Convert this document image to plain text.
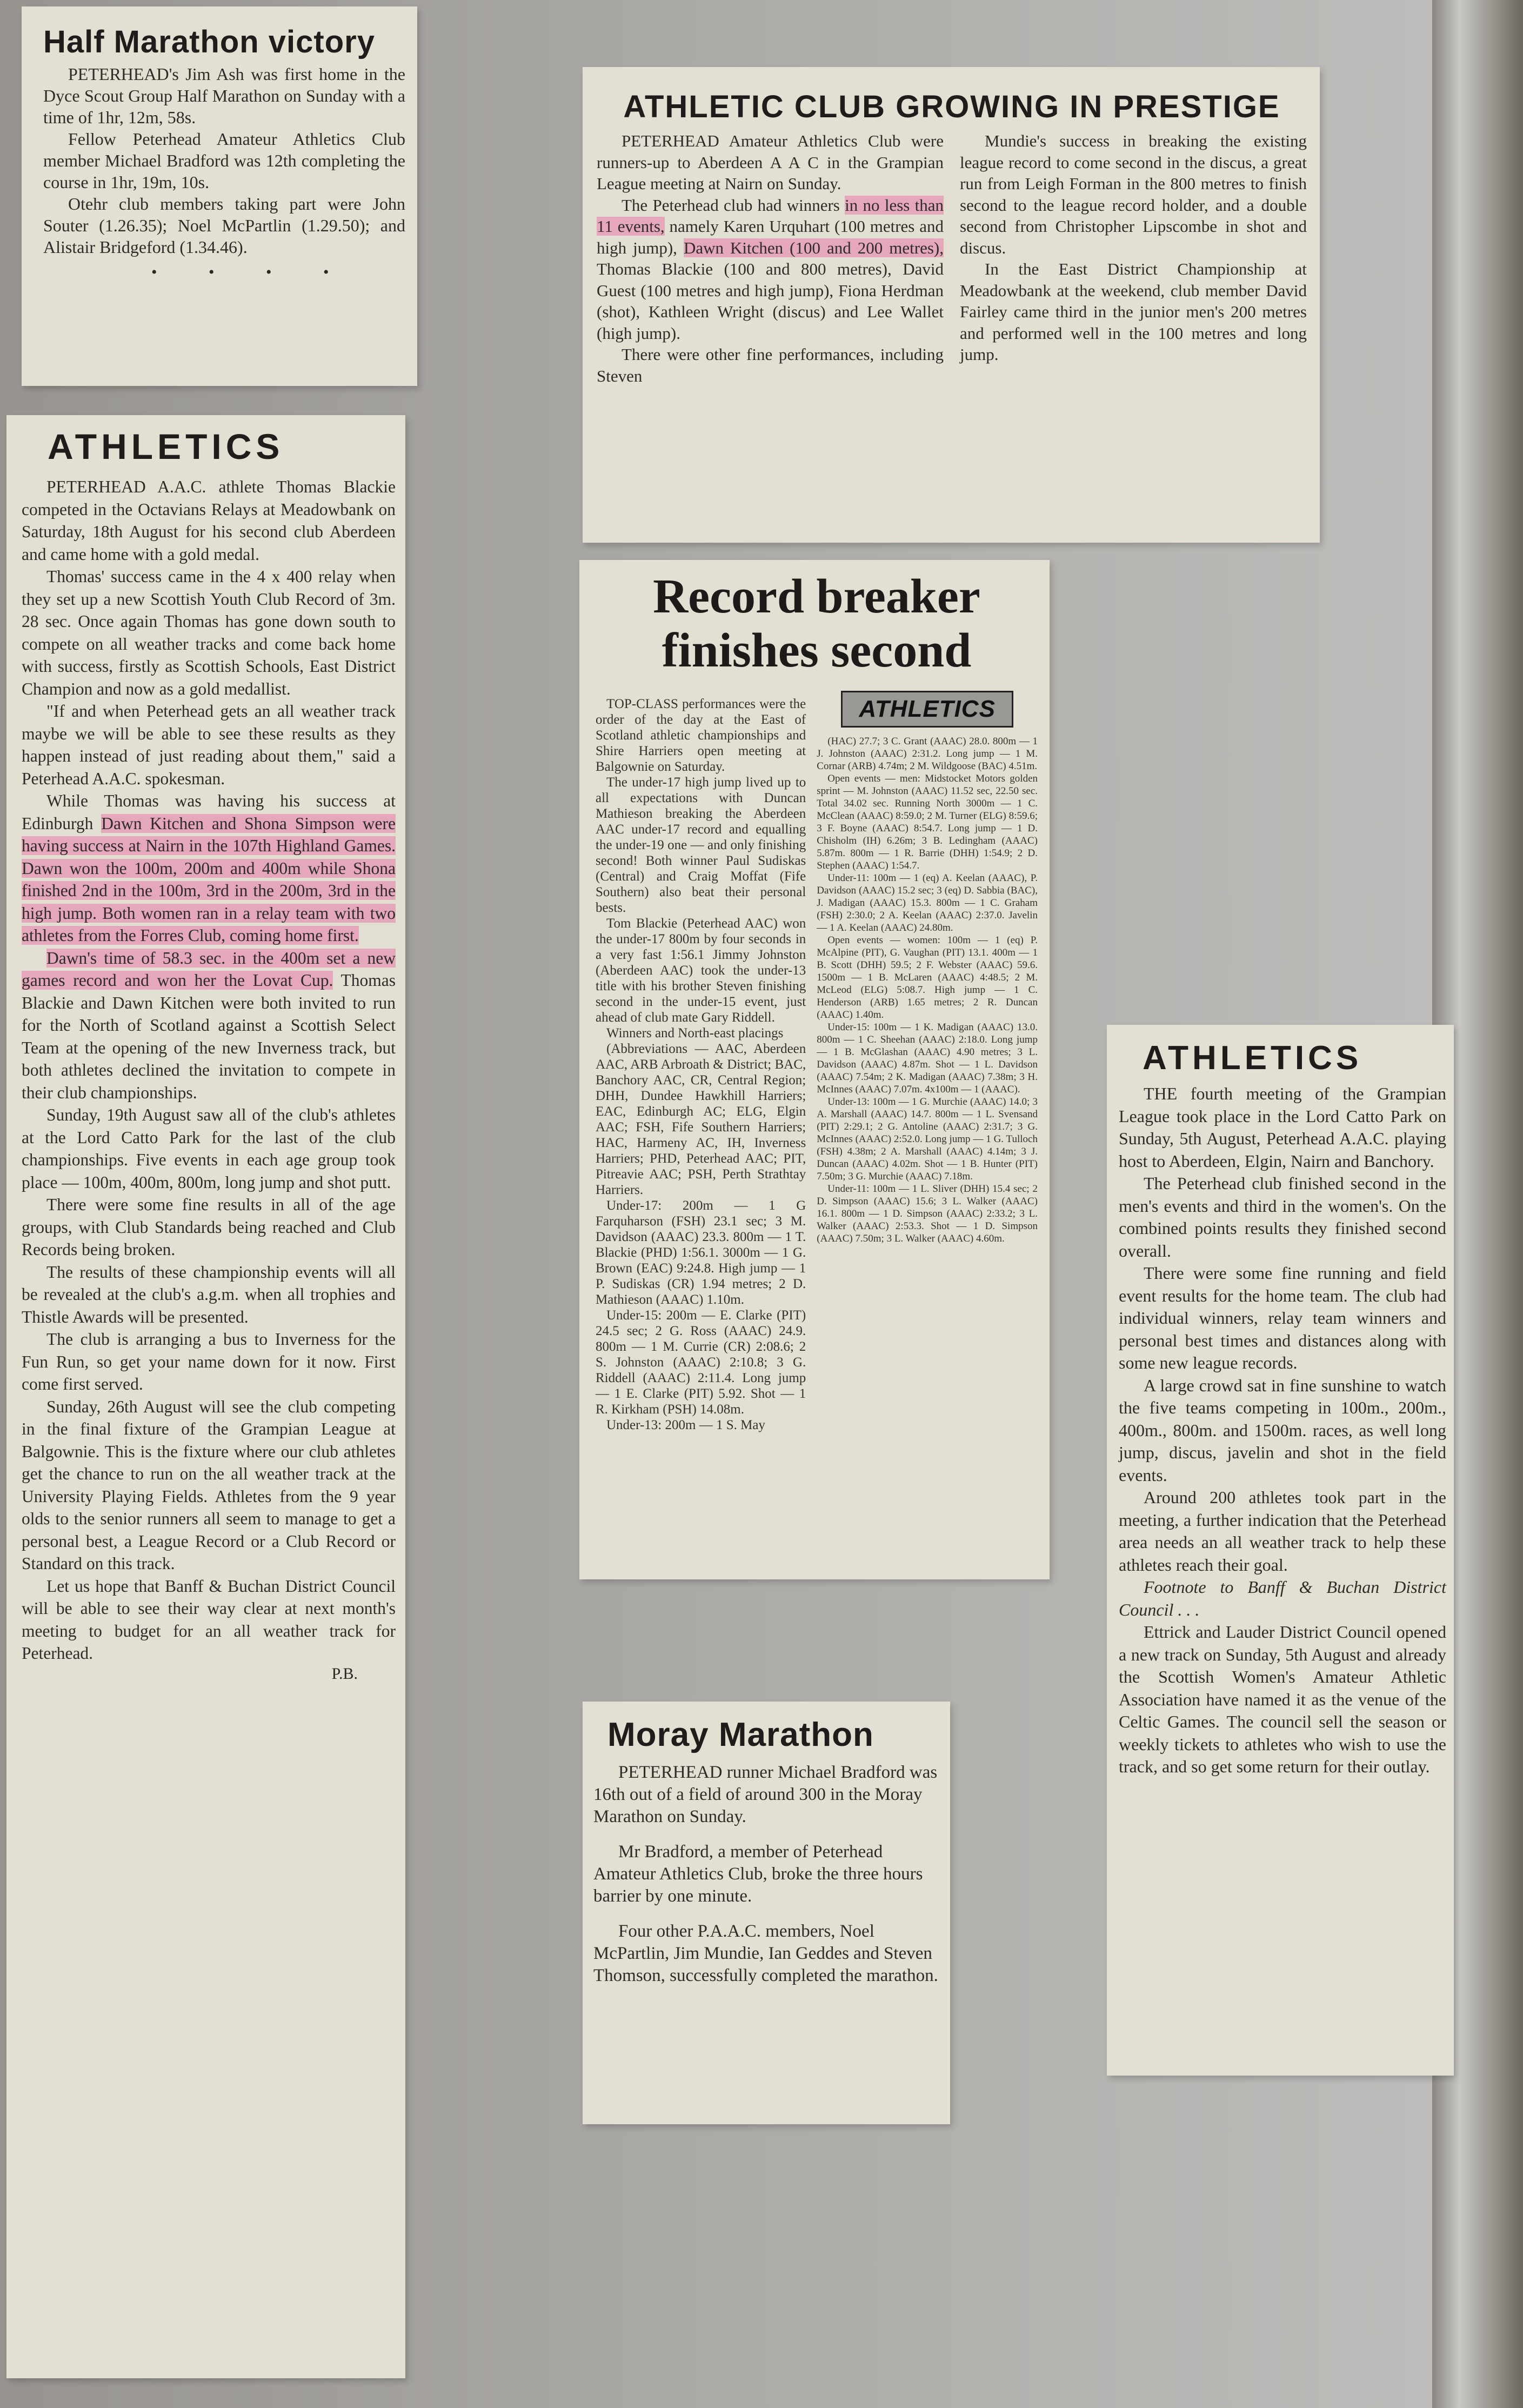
Half Marathon victory

PETERHEAD's Jim Ash was first home in the Dyce Scout Group Half Marathon on Sunday with a time of 1hr, 12m, 58s.

Fellow Peterhead Amateur Athletics Club member Michael Bradford was 12th completing the course in 1hr, 19m, 10s.

Otehr club members taking part were John Souter (1.26.35); Noel McPartlin (1.29.50); and Alistair Bridgeford (1.34.46).

• • • •
ATHLETICS

PETERHEAD A.A.C. athlete Thomas Blackie competed in the Octavians Relays at Meadowbank on Saturday, 18th August for his second club Aberdeen and came home with a gold medal.

Thomas' success came in the 4 x 400 relay when they set up a new Scottish Youth Club Record of 3m. 28 sec. Once again Thomas has gone down south to compete on all weather tracks and come back home with success, firstly as Scottish Schools, East District Champion and now as a gold medallist.

"If and when Peterhead gets an all weather track maybe we will be able to see these results as they happen instead of just reading about them," said a Peterhead A.A.C. spokesman.

While Thomas was having his success at Edinburgh Dawn Kitchen and Shona Simpson were having success at Nairn in the 107th Highland Games. Dawn won the 100m, 200m and 400m while Shona finished 2nd in the 100m, 3rd in the 200m, 3rd in the high jump. Both women ran in a relay team with two athletes from the Forres Club, coming home first.

Dawn's time of 58.3 sec. in the 400m set a new games record and won her the Lovat Cup. Thomas Blackie and Dawn Kitchen were both invited to run for the North of Scotland against a Scottish Select Team at the opening of the new Inverness track, but both athletes declined the invitation to compete in their club championships.

Sunday, 19th August saw all of the club's athletes at the Lord Catto Park for the last of the club championships. Five events in each age group took place — 100m, 400m, 800m, long jump and shot putt.

There were some fine results in all of the age groups, with Club Standards being reached and Club Records being broken.

The results of these championship events will all be revealed at the club's a.g.m. when all trophies and Thistle Awards will be presented.

The club is arranging a bus to Inverness for the Fun Run, so get your name down for it now. First come first served.

Sunday, 26th August will see the club competing in the final fixture of the Grampian League at Balgownie. This is the fixture where our club athletes get the chance to run on the all weather track at the University Playing Fields. Athletes from the 9 year olds to the senior runners all seem to manage to get a personal best, a League Record or a Club Record or Standard on this track.

Let us hope that Banff & Buchan District Council will be able to see their way clear at next month's meeting to budget for an all weather track for Peterhead.

P.B.
ATHLETIC CLUB GROWING IN PRESTIGE

PETERHEAD Amateur Athletics Club were runners-up to Aberdeen A A C in the Grampian League meeting at Nairn on Sunday.

The Peterhead club had winners in no less than 11 events, namely Karen Urquhart (100 metres and high jump), Dawn Kitchen (100 and 200 metres), Thomas Blackie (100 and 800 metres), David Guest (100 metres and high jump), Fiona Herdman (shot), Kathleen Wright (discus) and Lee Wallet (high jump).

There were other fine performances, including Steven

Mundie's success in breaking the existing league record to come second in the discus, a great run from Leigh Forman in the 800 metres to finish second to the league record holder, and a double second from Christopher Lipscombe in shot and discus.

In the East District Championship at Meadowbank at the weekend, club member David Fairley came third in the junior men's 200 metres and performed well in the 100 metres and long jump.

Record breaker finishes second

TOP-CLASS performances were the order of the day at the East of Scotland athletic championships and Shire Harriers open meeting at Balgownie on Saturday.

The under-17 high jump lived up to all expectations with Duncan Mathieson breaking the Aberdeen AAC under-17 record and equalling the under-19 one — and only finishing second! Both winner Paul Sudiskas (Central) and Craig Moffat (Fife Southern) also beat their personal bests.

Tom Blackie (Peterhead AAC) won the under-17 800m by four seconds in a very fast 1:56.1 Jimmy Johnston (Aberdeen AAC) took the under-13 title with his brother Steven finishing second in the under-15 event, just ahead of club mate Gary Riddell.

Winners and North-east placings

(Abbreviations — AAC, Aberdeen AAC, ARB Arbroath & District; BAC, Banchory AAC, CR, Central Region; DHH, Dundee Hawkhill Harriers; EAC, Edinburgh AC; ELG, Elgin AAC; FSH, Fife Southern Harriers; HAC, Harmeny AC, IH, Inverness Harriers; PHD, Peterhead AAC; PIT, Pitreavie AAC; PSH, Perth Strathtay Harriers.

Under-17: 200m — 1 G Farquharson (FSH) 23.1 sec; 3 M. Davidson (AAAC) 23.3. 800m — 1 T. Blackie (PHD) 1:56.1. 3000m — 1 G. Brown (EAC) 9:24.8. High jump — 1 P. Sudiskas (CR) 1.94 metres; 2 D. Mathieson (AAAC) 1.10m.

Under-15: 200m — E. Clarke (PIT) 24.5 sec; 2 G. Ross (AAAC) 24.9. 800m — 1 M. Currie (CR) 2:08.6; 2 S. Johnston (AAAC) 2:10.8; 3 G. Riddell (AAAC) 2:11.4. Long jump — 1 E. Clarke (PIT) 5.92. Shot — 1 R. Kirkham (PSH) 14.08m.

Under-13: 200m — 1 S. May

ATHLETICS

(HAC) 27.7; 3 C. Grant (AAAC) 28.0. 800m — 1 J. Johnston (AAAC) 2:31.2. Long jump — 1 M. Cornar (ARB) 4.74m; 2 M. Wildgoose (BAC) 4.51m.

Open events — men: Midstocket Motors golden sprint — M. Johnston (AAAC) 11.52 sec, 22.50 sec. Total 34.02 sec. Running North 3000m — 1 C. McClean (AAAC) 8:59.0; 2 M. Turner (ELG) 8:59.6; 3 F. Boyne (AAAC) 8:54.7. Long jump — 1 D. Chisholm (IH) 6.26m; 3 B. Ledingham (AAAC) 5.87m. 800m — 1 R. Barrie (DHH) 1:54.9; 2 D. Stephen (AAAC) 1:54.7.

Under-11: 100m — 1 (eq) A. Keelan (AAAC), P. Davidson (AAAC) 15.2 sec; 3 (eq) D. Sabbia (BAC), J. Madigan (AAAC) 15.3. 800m — 1 C. Graham (FSH) 2:30.0; 2 A. Keelan (AAAC) 2:37.0. Javelin — 1 A. Keelan (AAAC) 24.80m.

Open events — women: 100m — 1 (eq) P. McAlpine (PIT), G. Vaughan (PIT) 13.1. 400m — 1 B. Scott (DHH) 59.5; 2 F. Webster (AAAC) 59.6. 1500m — 1 B. McLaren (AAAC) 4:48.5; 2 M. McLeod (ELG) 5:08.7. High jump — 1 C. Henderson (ARB) 1.65 metres; 2 R. Duncan (AAAC) 1.40m.

Under-15: 100m — 1 K. Madigan (AAAC) 13.0. 800m — 1 C. Sheehan (AAAC) 2:18.0. Long jump — 1 B. McGlashan (AAAC) 4.90 metres; 3 L. Davidson (AAAC) 4.87m. Shot — 1 L. Davidson (AAAC) 7.54m; 2 K. Madigan (AAAC) 7.38m; 3 H. McInnes (AAAC) 7.07m. 4x100m — 1 (AAAC).

Under-13: 100m — 1 G. Murchie (AAAC) 14.0; 3 A. Marshall (AAAC) 14.7. 800m — 1 L. Svensand (PIT) 2:29.1; 2 G. Antoline (AAAC) 2:31.7; 3 G. McInnes (AAAC) 2:52.0. Long jump — 1 G. Tulloch (FSH) 4.38m; 2 A. Marshall (AAAC) 4.14m; 3 J. Duncan (AAAC) 4.02m. Shot — 1 B. Hunter (PIT) 7.50m; 3 G. Murchie (AAAC) 7.18m.

Under-11: 100m — 1 L. Sliver (DHH) 15.4 sec; 2 D. Simpson (AAAC) 15.6; 3 L. Walker (AAAC) 16.1. 800m — 1 D. Simpson (AAAC) 2:33.2; 3 L. Walker (AAAC) 2:53.3. Shot — 1 D. Simpson (AAAC) 7.50m; 3 L. Walker (AAAC) 4.60m.

ATHLETICS

THE fourth meeting of the Grampian League took place in the Lord Catto Park on Sunday, 5th August, Peterhead A.A.C. playing host to Aberdeen, Elgin, Nairn and Banchory.

The Peterhead club finished second in the men's events and third in the women's. On the combined points results they finished second overall.

There were some fine running and field event results for the home team. The club had individual winners, relay team winners and personal best times and distances along with some new league records.

A large crowd sat in fine sunshine to watch the five teams competing in 100m., 200m., 400m., 800m. and 1500m. races, as well long jump, discus, javelin and shot in the field events.

Around 200 athletes took part in the meeting, a further indication that the Peterhead area needs an all weather track to help these athletes reach their goal.

Footnote to Banff & Buchan District Council . . .

Ettrick and Lauder District Council opened a new track on Sunday, 5th August and already the Scottish Women's Amateur Athletic Association have named it as the venue of the Celtic Games. The council sell the season or weekly tickets to athletes who wish to use the track, and so get some return for their outlay.

Moray Marathon

PETERHEAD runner Michael Bradford was 16th out of a field of around 300 in the Moray Marathon on Sunday.

Mr Bradford, a member of Peterhead Amateur Athletics Club, broke the three hours barrier by one minute.

Four other P.A.A.C. members, Noel McPartlin, Jim Mundie, Ian Geddes and Steven Thomson, successfully completed the marathon.
